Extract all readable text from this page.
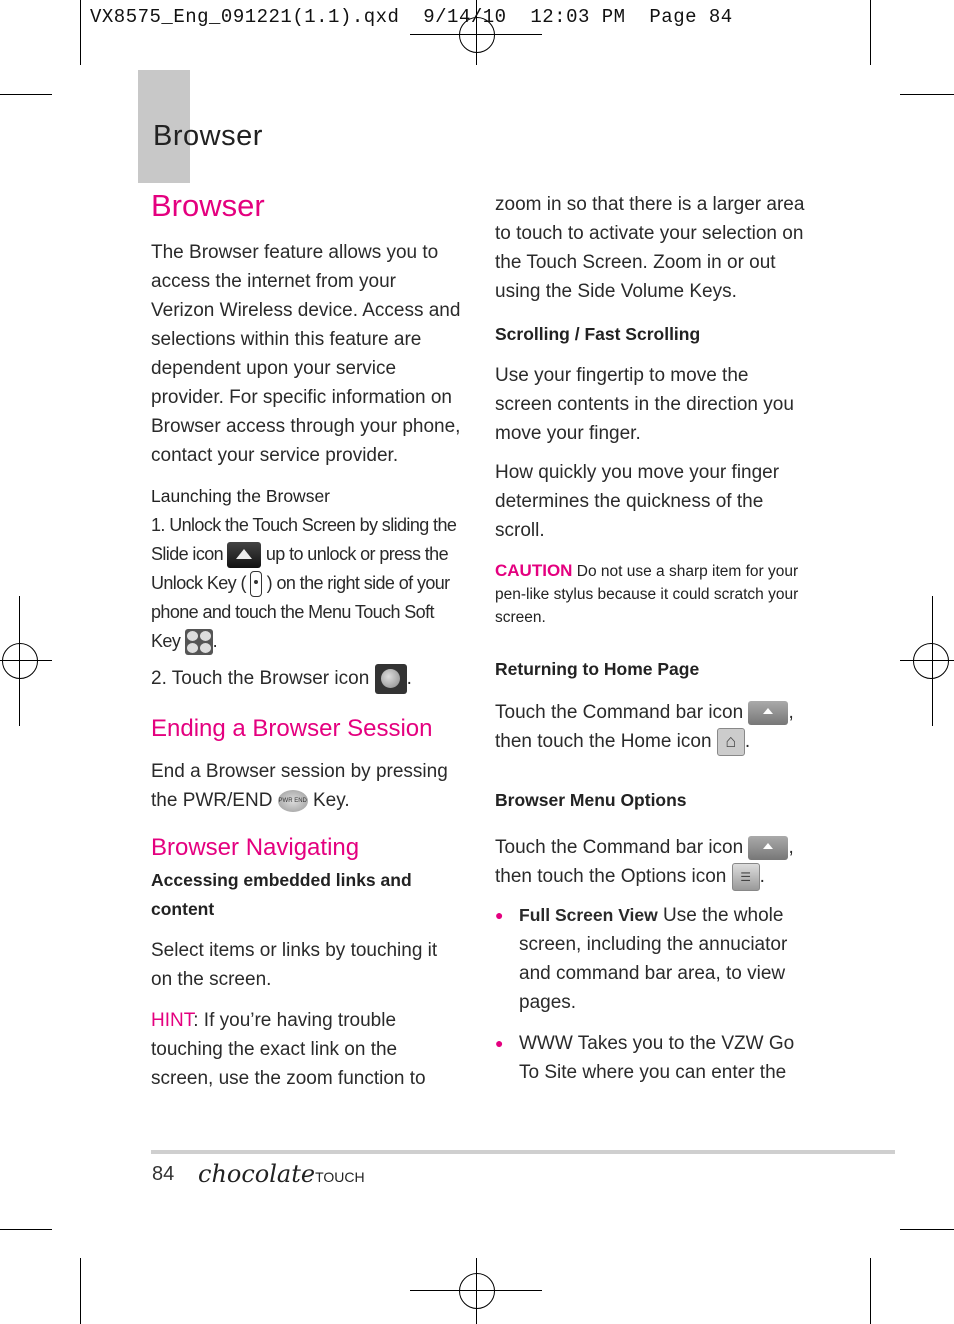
VX8575_Eng_091221(1.1).qxd  9/14/10  12:03 PM  Page 84
Browser
Browser

The Browser feature allows you to access the internet from your Verizon Wireless device. Access and selections within this feature are dependent upon your service provider. For specific information on Browser access through your phone, contact your service provider.

Launching the Browser

1. Unlock the Touch Screen by sliding the Slide icon up to unlock or press the Unlock Key ( ) on the right side of your phone and touch the Menu Touch Soft Key .

2. Touch the Browser icon .

Ending a Browser Session

End a Browser session by pressing the PWR/END PWR END Key.

Browser Navigating

Accessing embedded links and content

Select items or links by touching it on the screen.

HINT: If you’re having trouble touching the exact link on the screen, use the zoom function to

zoom in so that there is a larger area to touch to activate your selection on the Touch Screen. Zoom in or out using the Side Volume Keys.

Scrolling / Fast Scrolling

Use your fingertip to move the screen contents in the direction you move your finger.

How quickly you move your finger determines the quickness of the scroll.

CAUTION Do not use a sharp item for your pen-like stylus because it could scratch your screen.

Returning to Home Page

Touch the Command bar icon , then touch the Home icon ⌂ .

Browser Menu Options

Touch the Command bar icon , then touch the Options icon ☰ .

● Full Screen View Use the whole screen, including the annuciator and command bar area, to view pages.

● WWW Takes you to the VZW Go To Site where you can enter the

84 chocolateTOUCH
